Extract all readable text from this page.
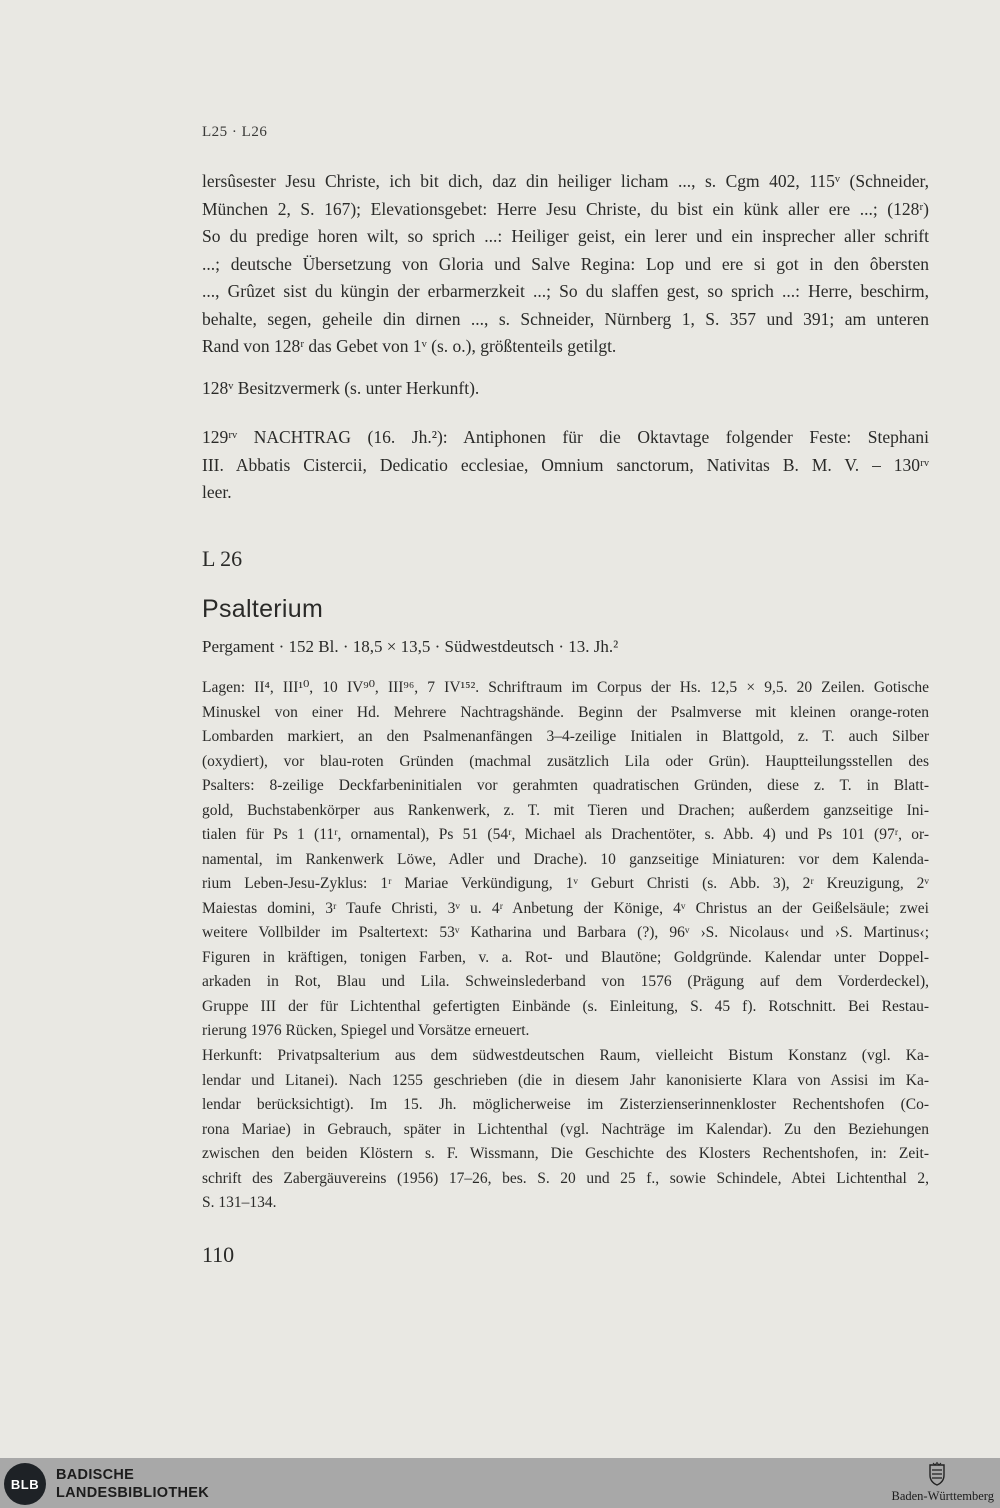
L25 · L26
lersûsester Jesu Christe, ich bit dich, daz din heiliger licham ..., s. Cgm 402, 115ᵛ (Schneider,
München 2, S. 167); Elevationsgebet: Herre Jesu Christe, du bist ein künk aller ere ...; (128ʳ)
So du predige horen wilt, so sprich ...: Heiliger geist, ein lerer und ein insprecher aller schrift
...; deutsche Übersetzung von Gloria und Salve Regina: Lop und ere si got in den ôbersten
..., Grûzet sist du küngin der erbarmerzkeit ...; So du slaffen gest, so sprich ...: Herre, beschirm,
behalte, segen, geheile din dirnen ..., s. Schneider, Nürnberg 1, S. 357 und 391; am unteren
Rand von 128ʳ das Gebet von 1ᵛ (s. o.), größtenteils getilgt.
128ᵛ Besitzvermerk (s. unter Herkunft).
129ʳᵛ NACHTRAG (16. Jh.²): Antiphonen für die Oktavtage folgender Feste: Stephani
III. Abbatis Cistercii, Dedicatio ecclesiae, Omnium sanctorum, Nativitas B. M. V. – 130ʳᵛ
leer.
L 26
Psalterium
Pergament · 152 Bl. · 18,5 × 13,5 · Südwestdeutsch · 13. Jh.²
Lagen: II⁴, III¹⁰, 10 IV⁹⁰, III⁹⁶, 7 IV¹⁵². Schriftraum im Corpus der Hs. 12,5 × 9,5. 20 Zeilen. Gotische
Minuskel von einer Hd. Mehrere Nachtragshände. Beginn der Psalmverse mit kleinen orange-roten
Lombarden markiert, an den Psalmenanfängen 3–4-zeilige Initialen in Blattgold, z. T. auch Silber
(oxydiert), vor blau-roten Gründen (machmal zusätzlich Lila oder Grün). Hauptteilungsstellen des
Psalters: 8-zeilige Deckfarbeninitialen vor gerahmten quadratischen Gründen, diese z. T. in Blatt-
gold, Buchstabenkörper aus Rankenwerk, z. T. mit Tieren und Drachen; außerdem ganzseitige Ini-
tialen für Ps 1 (11ʳ, ornamental), Ps 51 (54ʳ, Michael als Drachentöter, s. Abb. 4) und Ps 101 (97ʳ, or-
namental, im Rankenwerk Löwe, Adler und Drache). 10 ganzseitige Miniaturen: vor dem Kalenda-
rium Leben-Jesu-Zyklus: 1ʳ Mariae Verkündigung, 1ᵛ Geburt Christi (s. Abb. 3), 2ʳ Kreuzigung, 2ᵛ
Maiestas domini, 3ʳ Taufe Christi, 3ᵛ u. 4ʳ Anbetung der Könige, 4ᵛ Christus an der Geißelsäule; zwei
weitere Vollbilder im Psaltertext: 53ᵛ Katharina und Barbara (?), 96ᵛ ›S. Nicolaus‹ und ›S. Martinus‹;
Figuren in kräftigen, tonigen Farben, v. a. Rot- und Blautöne; Goldgründe. Kalendar unter Doppel-
arkaden in Rot, Blau und Lila. Schweinslederband von 1576 (Prägung auf dem Vorderdeckel),
Gruppe III der für Lichtenthal gefertigten Einbände (s. Einleitung, S. 45 f). Rotschnitt. Bei Restau-
rierung 1976 Rücken, Spiegel und Vorsätze erneuert.
Herkunft: Privatpsalterium aus dem südwestdeutschen Raum, vielleicht Bistum Konstanz (vgl. Ka-
lendar und Litanei). Nach 1255 geschrieben (die in diesem Jahr kanonisierte Klara von Assisi im Ka-
lendar berücksichtigt). Im 15. Jh. möglicherweise im Zisterzienserinnenkloster Rechentshofen (Co-
rona Mariae) in Gebrauch, später in Lichtenthal (vgl. Nachträge im Kalendar). Zu den Beziehungen
zwischen den beiden Klöstern s. F. Wissmann, Die Geschichte des Klosters Rechentshofen, in: Zeit-
schrift des Zabergäuvereins (1956) 17–26, bes. S. 20 und 25 f., sowie Schindele, Abtei Lichtenthal 2,
S. 131–134.
110
BLB
BADISCHE
LANDESBIBLIOTHEK	Baden-Württemberg
